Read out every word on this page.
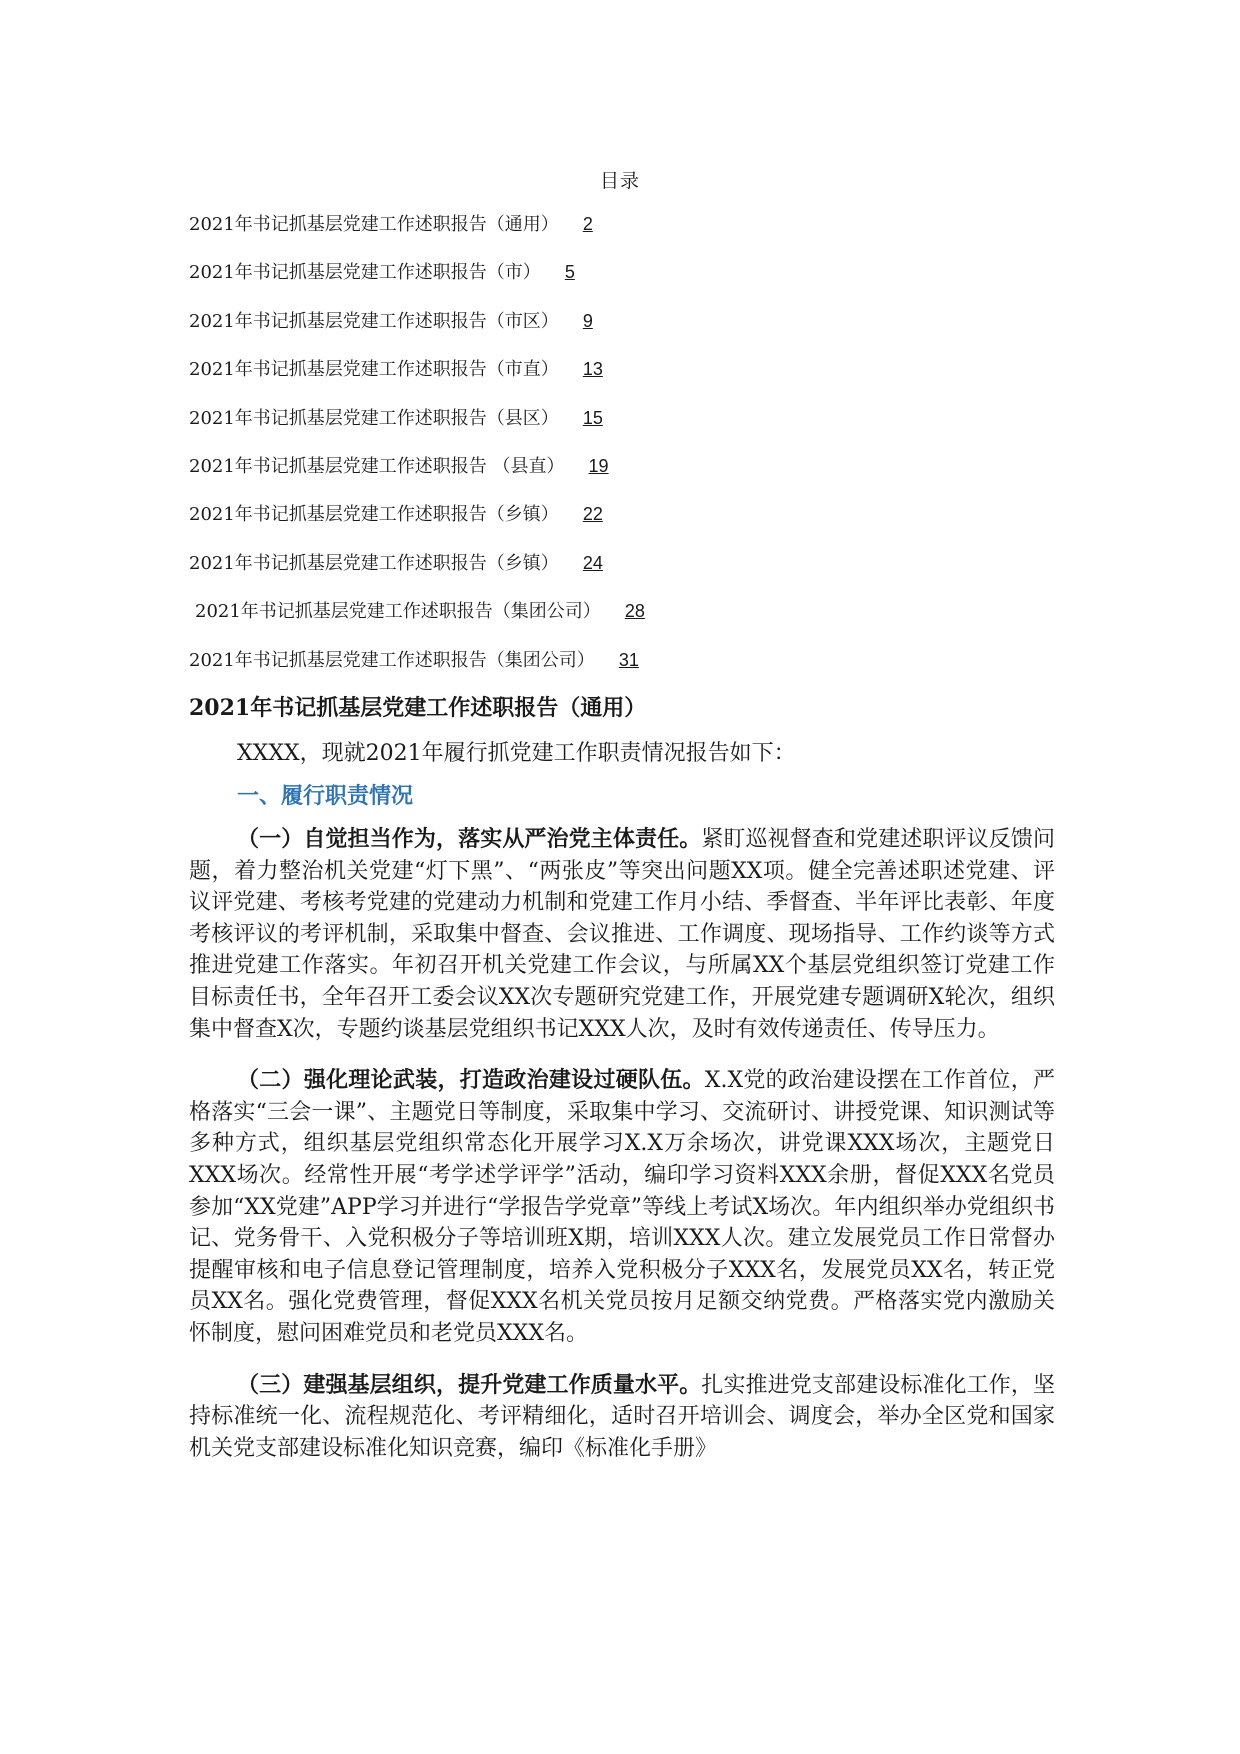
目录
2021年书记抓基层党建工作述职报告（通用） 2
2021年书记抓基层党建工作述职报告（市） 5
2021年书记抓基层党建工作述职报告（市区） 9
2021年书记抓基层党建工作述职报告（市直） 13
2021年书记抓基层党建工作述职报告（县区） 15
2021年书记抓基层党建工作述职报告 （县直） 19
2021年书记抓基层党建工作述职报告（乡镇） 22
2021年书记抓基层党建工作述职报告（乡镇） 24
2021年书记抓基层党建工作述职报告（集团公司） 28
2021年书记抓基层党建工作述职报告（集团公司） 31
2021年书记抓基层党建工作述职报告（通用）

XXXX，现就2021年履行抓党建工作职责情况报告如下：

一、履行职责情况

（一）自觉担当作为，落实从严治党主体责任。紧盯巡视督查和党建述职评议反馈问题，着力整治机关党建“灯下黑”、“两张皮”等突出问题XX项。健全完善述职述党建、评议评党建、考核考党建的党建动力机制和党建工作月小结、季督查、半年评比表彰、年度考核评议的考评机制，采取集中督查、会议推进、工作调度、现场指导、工作约谈等方式推进党建工作落实。年初召开机关党建工作会议，与所属XX个基层党组织签订党建工作目标责任书，全年召开工委会议XX次专题研究党建工作，开展党建专题调研X轮次，组织集中督查X次，专题约谈基层党组织书记XXX人次，及时有效传递责任、传导压力。

（二）强化理论武装，打造政治建设过硬队伍。X.X党的政治建设摆在工作首位，严格落实“三会一课”、主题党日等制度，采取集中学习、交流研讨、讲授党课、知识测试等多种方式，组织基层党组织常态化开展学习X.X万余场次，讲党课XXX场次，主题党日XXX场次。经常性开展“考学述学评学”活动，编印学习资料XXX余册，督促XXX名党员参加“XX党建”APP学习并进行“学报告学党章”等线上考试X场次。年内组织举办党组织书记、党务骨干、入党积极分子等培训班X期，培训XXX人次。建立发展党员工作日常督办提醒审核和电子信息登记管理制度，培养入党积极分子XXX名，发展党员XX名，转正党员XX名。强化党费管理，督促XXX名机关党员按月足额交纳党费。严格落实党内激励关怀制度，慰问困难党员和老党员XXX名。

（三）建强基层组织，提升党建工作质量水平。扎实推进党支部建设标准化工作，坚持标准统一化、流程规范化、考评精细化，适时召开培训会、调度会，举办全区党和国家机关党支部建设标准化知识竞赛，编印《标准化手册》
